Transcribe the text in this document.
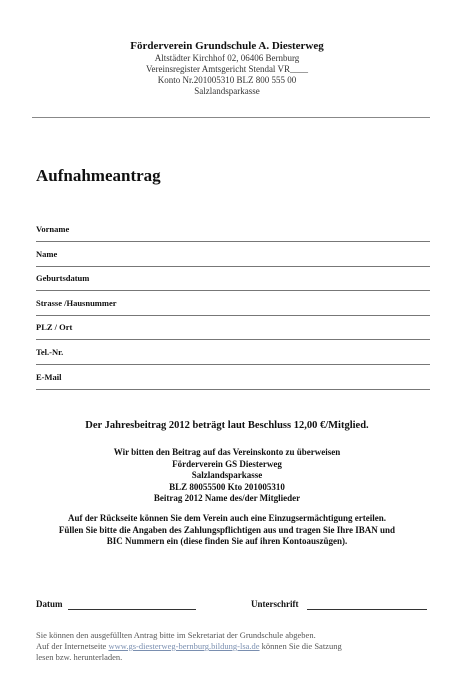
Förderverein Grundschule A. Diesterweg
Altstädter Kirchhof 02, 06406 Bernburg
Vereinsregister Amtsgericht Stendal VR____
Konto Nr.201005310 BLZ 800 555 00
Salzlandsparkasse
Aufnahmeantrag
Vorname
Name
Geburtsdatum
Strasse /Hausnummer
PLZ / Ort
Tel.-Nr.
E-Mail
Der Jahresbeitrag 2012 beträgt laut Beschluss 12,00 €/Mitglied.
Wir bitten den Beitrag auf das Vereinskonto zu überweisen
Förderverein GS Diesterweg
Salzlandsparkasse
BLZ 80055500 Kto 201005310
Beitrag 2012 Name des/der Mitglieder
Auf der Rückseite können Sie dem Verein auch eine Einzugsermächtigung erteilen.
Füllen Sie bitte die Angaben des Zahlungspflichtigen aus und tragen Sie Ihre IBAN und
BIC Nummern ein (diese finden Sie auf ihren Kontoauszügen).
Datum	Unterschrift
Sie können den ausgefüllten Antrag bitte im Sekretariat der Grundschule abgeben.
Auf der Internetseite www.gs-diesterweg-bernburg.bildung-lsa.de können Sie die Satzung
lesen bzw. herunterladen.
